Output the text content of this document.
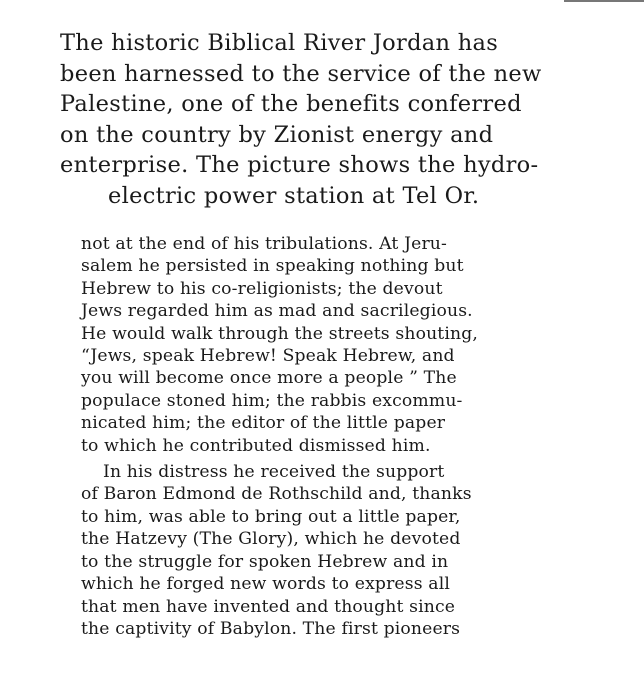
The historic Biblical River Jordan has
been harnessed to the service of the new
Palestine, one of the benefits conferred
on the country by Zionist energy and
enterprise. The picture shows the hydro-
electric power station at Tel Or.
not at the end of his tribulations. At Jeru-
salem he persisted in speaking nothing but
Hebrew to his co-religionists; the devout
Jews regarded him as mad and sacrilegious.
He would walk through the streets shouting,
“Jews, speak Hebrew! Speak Hebrew, and
you will become once more a people ” The
populace stoned him; the rabbis excommu-
nicated him; the editor of the little paper
to which he contributed dismissed him.
In his distress he received the support
of Baron Edmond de Rothschild and, thanks
to him, was able to bring out a little paper,
the Hatzevy (The Glory), which he devoted
to the struggle for spoken Hebrew and in
which he forged new words to express all
that men have invented and thought since
the captivity of Babylon. The first pioneers
